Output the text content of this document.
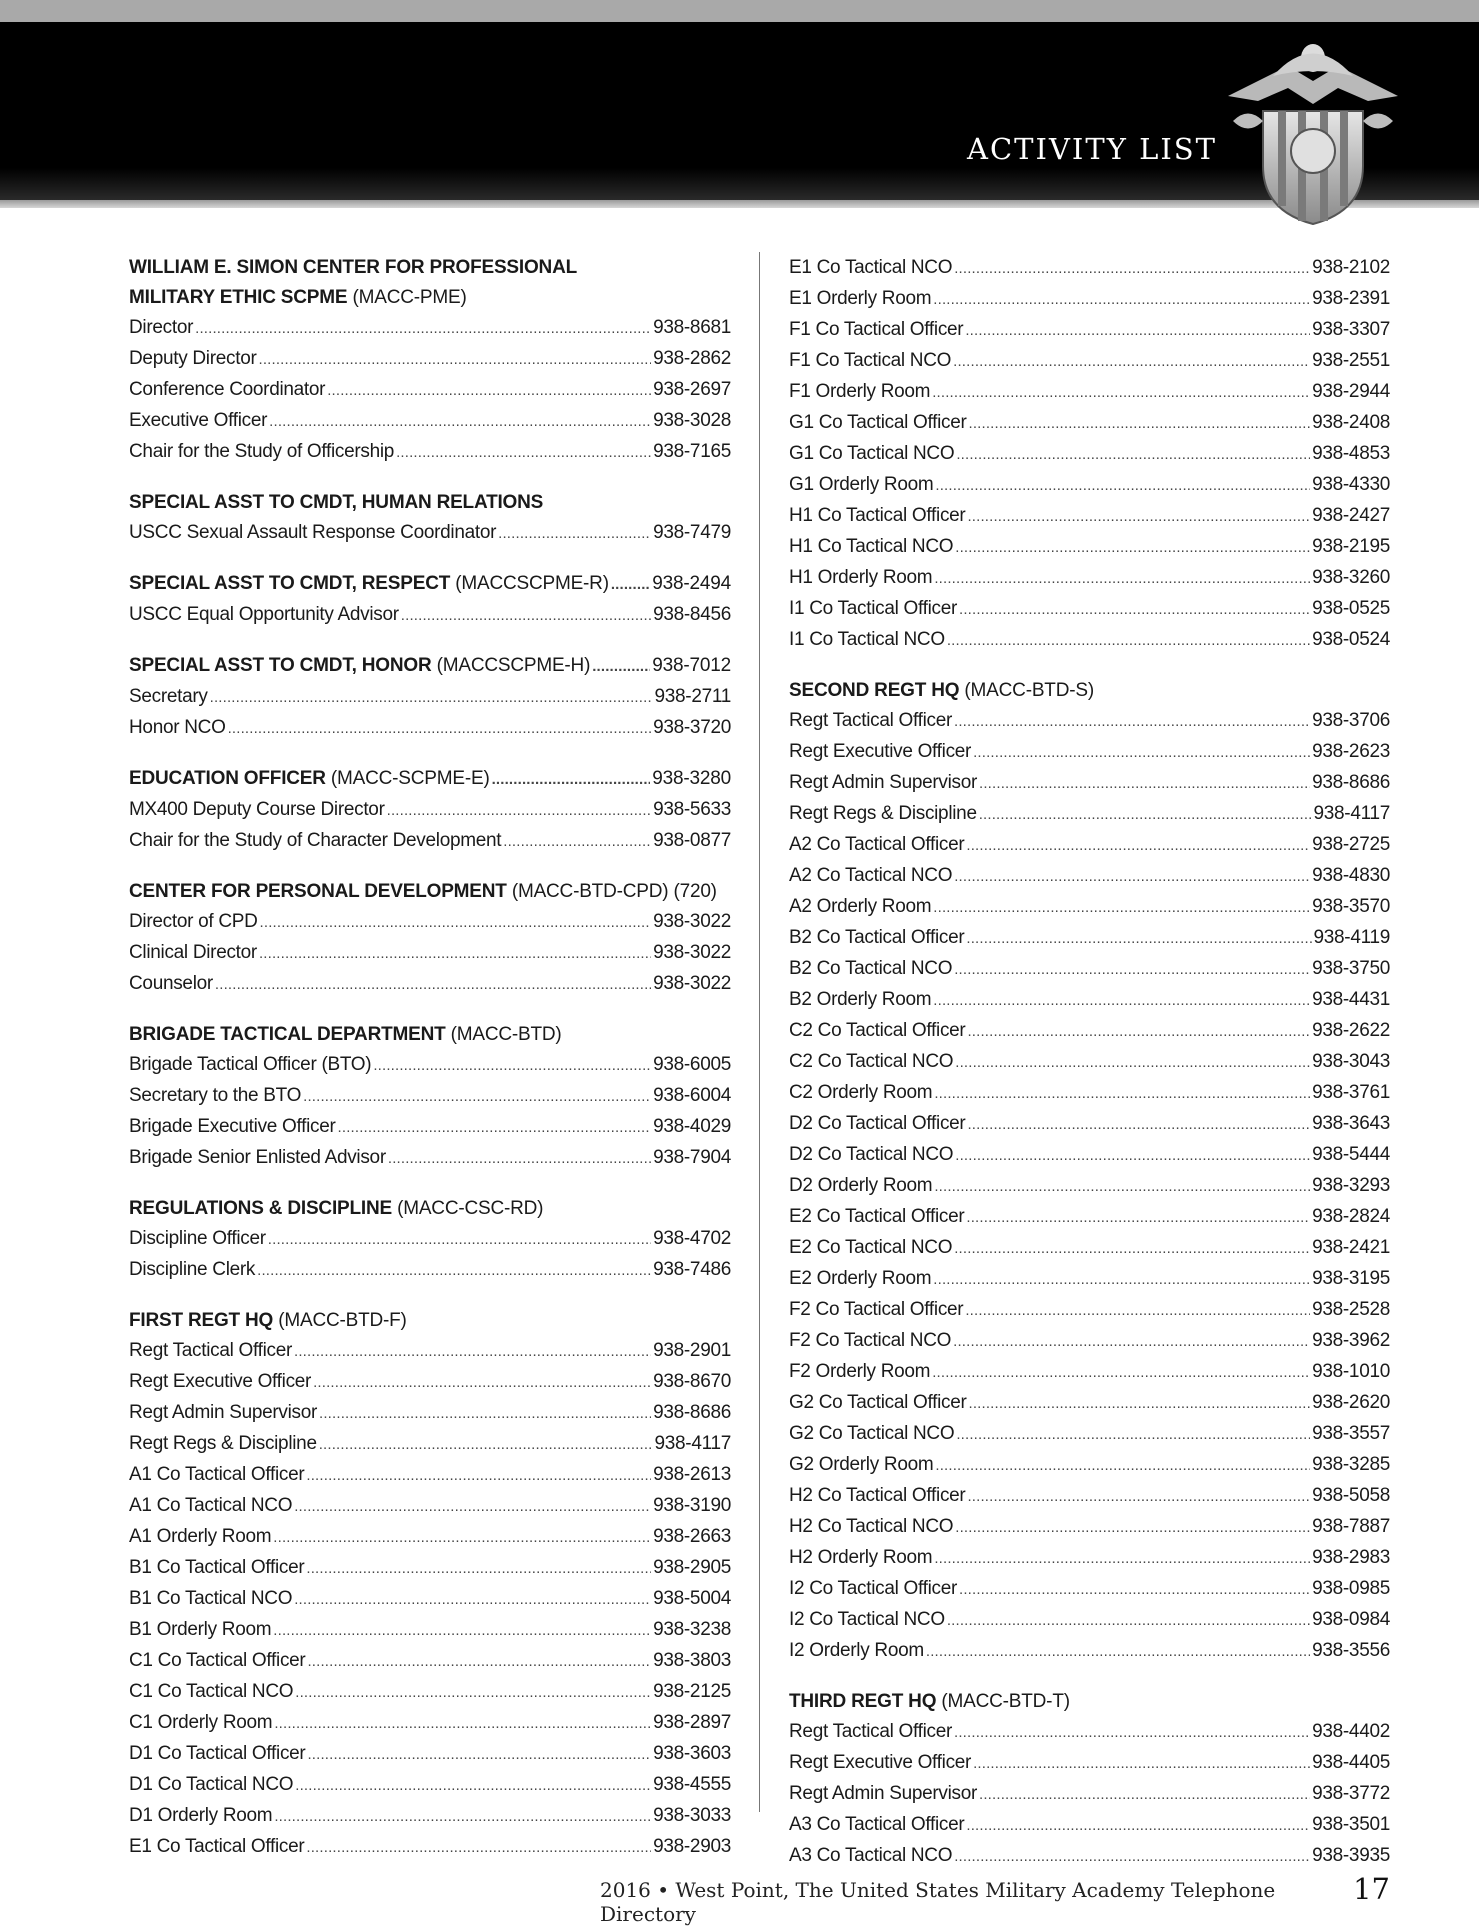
ACTIVITY LIST
WILLIAM E. SIMON CENTER FOR PROFESSIONAL
MILITARY ETHIC SCPME (MACC-PME)
Director . . .	938-8681
Deputy Director . . .	938-2862
Conference Coordinator . . .	938-2697
Executive Officer . . .	938-3028
Chair for the Study of Officership . . .	938-7165
SPECIAL ASST TO CMDT, HUMAN RELATIONS
USCC Sexual Assault Response Coordinator . . .	938-7479
SPECIAL ASST TO CMDT, RESPECT (MACCSCPME-R) . . . 938-2494
USCC Equal Opportunity Advisor . . .	938-8456
SPECIAL ASST TO CMDT, HONOR (MACCSCPME-H) . . .	938-7012
Secretary . . .	938-2711
Honor NCO . . .	938-3720
EDUCATION OFFICER (MACC-SCPME-E) . . .	938-3280
MX400 Deputy Course Director . . .	938-5633
Chair for the Study of Character Development . . .	938-0877
CENTER FOR PERSONAL DEVELOPMENT (MACC-BTD-CPD) (720)
Director of CPD . . .	938-3022
Clinical Director . . .	938-3022
Counselor . . .	938-3022
BRIGADE TACTICAL DEPARTMENT (MACC-BTD)
Brigade Tactical Officer (BTO) . . .	938-6005
Secretary to the BTO . . .	938-6004
Brigade Executive Officer . . .	938-4029
Brigade Senior Enlisted Advisor . . .	938-7904
REGULATIONS & DISCIPLINE (MACC-CSC-RD)
Discipline Officer . . .	938-4702
Discipline Clerk . . .	938-7486
FIRST REGT HQ (MACC-BTD-F)
Regt Tactical Officer . . .	938-2901
Regt Executive Officer . . .	938-8670
Regt Admin Supervisor . . .	938-8686
Regt Regs & Discipline . . .	938-4117
A1 Co Tactical Officer . . .	938-2613
A1 Co Tactical NCO . . .	938-3190
A1 Orderly Room . . .	938-2663
B1 Co Tactical Officer . . .	938-2905
B1 Co Tactical NCO . . .	938-5004
B1 Orderly Room . . .	938-3238
C1 Co Tactical Officer . . .	938-3803
C1 Co Tactical NCO . . .	938-2125
C1 Orderly Room . . .	938-2897
D1 Co Tactical Officer . . .	938-3603
D1 Co Tactical NCO . . .	938-4555
D1 Orderly Room . . .	938-3033
E1 Co Tactical Officer . . .	938-2903
E1 Co Tactical NCO . . .	938-2102
E1 Orderly Room . . .	938-2391
F1 Co Tactical Officer . . .	938-3307
F1 Co Tactical NCO . . .	938-2551
F1 Orderly Room . . .	938-2944
G1 Co Tactical Officer . . .	938-2408
G1 Co Tactical NCO . . .	938-4853
G1 Orderly Room . . .	938-4330
H1 Co Tactical Officer . . .	938-2427
H1 Co Tactical NCO . . .	938-2195
H1 Orderly Room . . .	938-3260
I1 Co Tactical Officer . . .	938-0525
I1 Co Tactical NCO . . .	938-0524
SECOND REGT HQ (MACC-BTD-S)
Regt Tactical Officer . . .	938-3706
Regt Executive Officer . . .	938-2623
Regt Admin Supervisor . . .	938-8686
Regt Regs & Discipline . . .	938-4117
A2 Co Tactical Officer . . .	938-2725
A2 Co Tactical NCO . . .	938-4830
A2 Orderly Room . . .	938-3570
B2 Co Tactical Officer . . .	938-4119
B2 Co Tactical NCO . . .	938-3750
B2 Orderly Room . . .	938-4431
C2 Co Tactical Officer . . .	938-2622
C2 Co Tactical NCO . . .	938-3043
C2 Orderly Room . . .	938-3761
D2 Co Tactical Officer . . .	938-3643
D2 Co Tactical NCO . . .	938-5444
D2 Orderly Room . . .	938-3293
E2 Co Tactical Officer . . .	938-2824
E2 Co Tactical NCO . . .	938-2421
E2 Orderly Room . . .	938-3195
F2 Co Tactical Officer . . .	938-2528
F2 Co Tactical NCO . . .	938-3962
F2 Orderly Room . . .	938-1010
G2 Co Tactical Officer . . .	938-2620
G2 Co Tactical NCO . . .	938-3557
G2 Orderly Room . . .	938-3285
H2 Co Tactical Officer . . .	938-5058
H2 Co Tactical NCO . . .	938-7887
H2 Orderly Room . . .	938-2983
I2 Co Tactical Officer . . .	938-0985
I2 Co Tactical NCO . . .	938-0984
I2 Orderly Room . . .	938-3556
THIRD REGT HQ (MACC-BTD-T)
Regt Tactical Officer . . .	938-4402
Regt Executive Officer . . .	938-4405
Regt Admin Supervisor . . .	938-3772
A3 Co Tactical Officer . . .	938-3501
A3 Co Tactical NCO . . .	938-3935
2016 • West Point, The United States Military Academy Telephone Directory
17
